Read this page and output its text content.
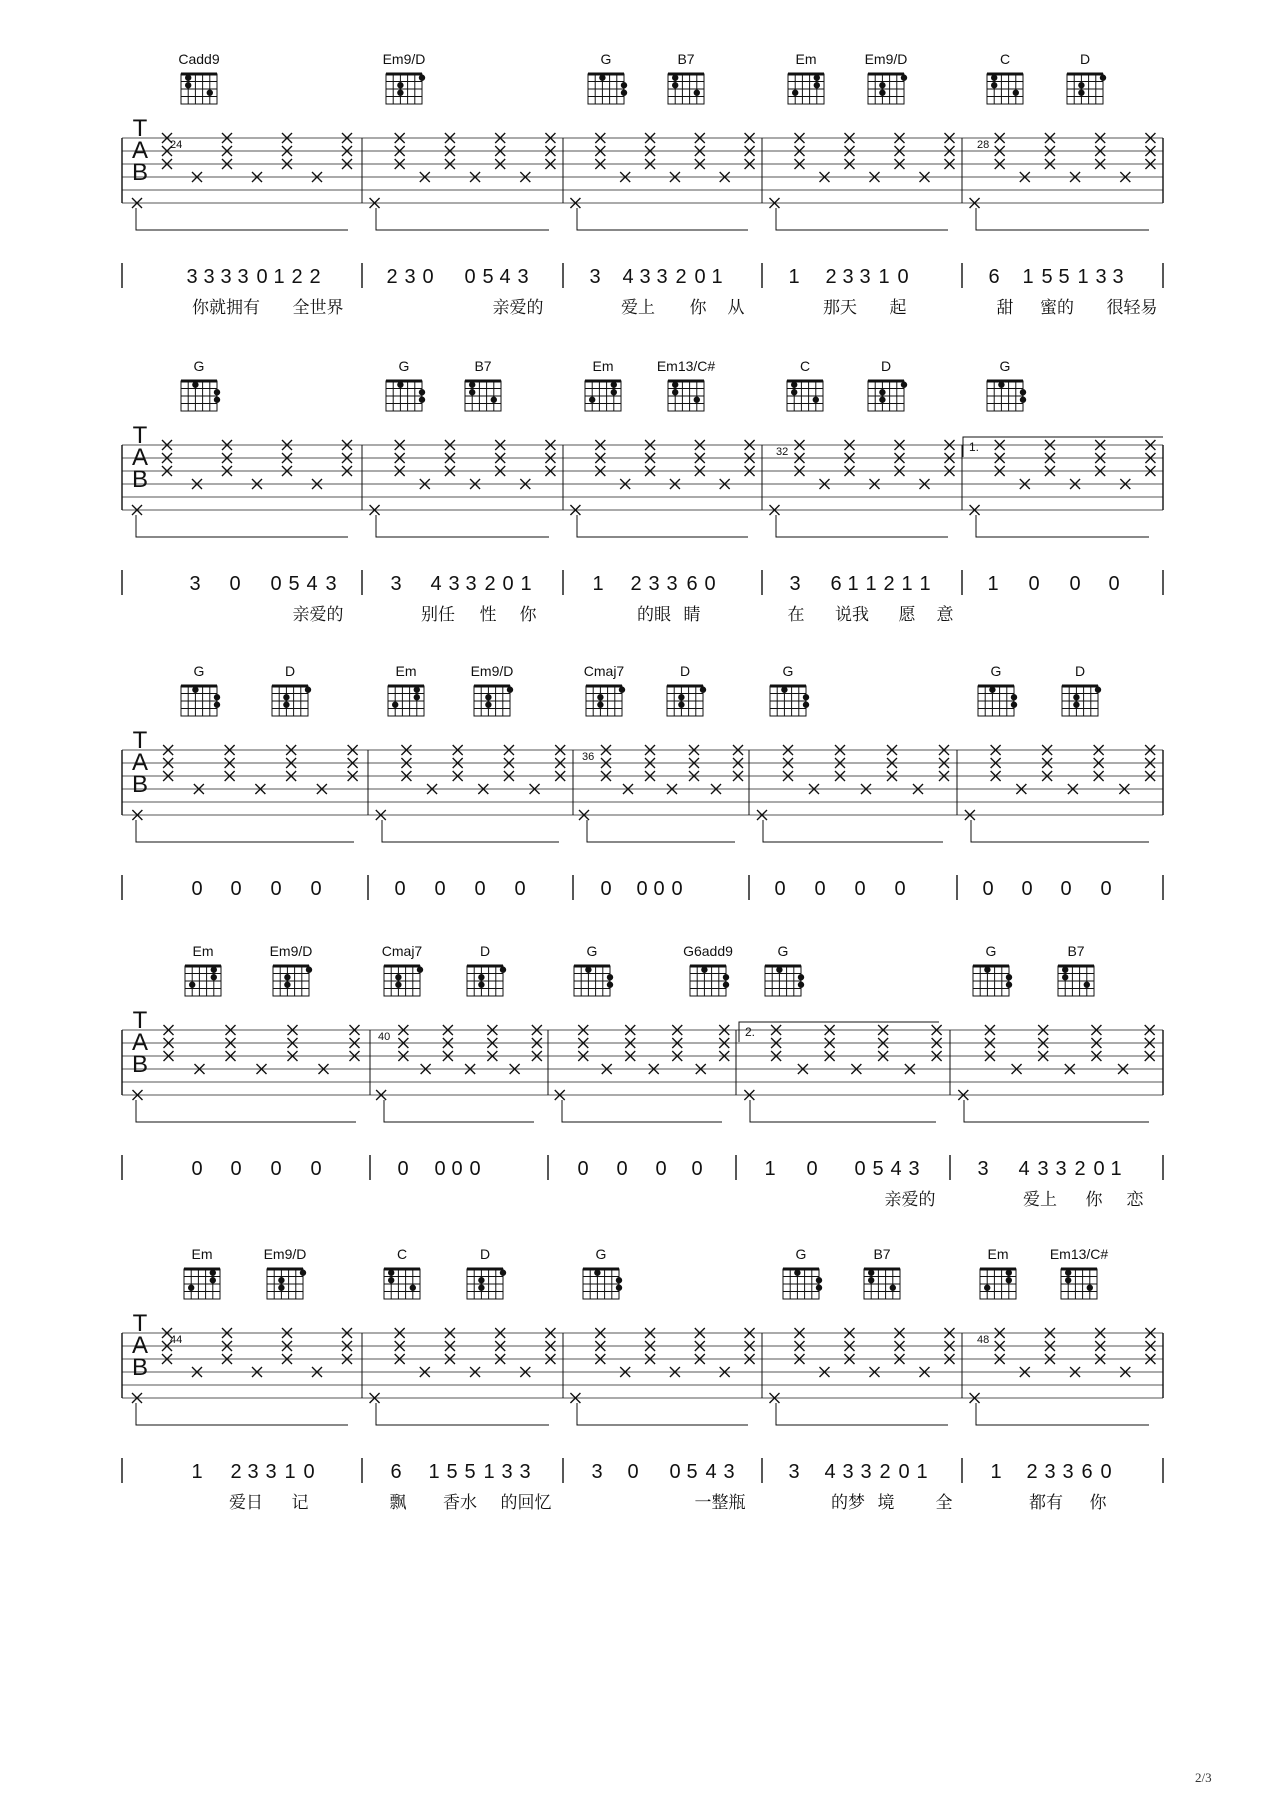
Cadd9	Em9/D	G	B7	Em	Em9/D	C	D
T
A
B
24	28
3 3 3 3 0 1 2 2	2 3 0 0 5 4 3	3 4 3 3 2 0 1	1 2 3 3 1 0	6 1 5 5 1 3 3
你就拥有 全世界	亲爱的	爱上 你 从	那天 起	甜 蜜的 很轻易
G	G	B7	Em	Em13/C#	C	D	G
T
A
B
32	1.
3 0 0 5 4 3	3 4 3 3 2 0 1	1 2 3 3 6 0	3 6 1 1 2 1 1	1 0 0 0
亲爱的	别任 性 你	的眼 睛	在 说我 愿 意
G	D	Em	Em9/D	Cmaj7	D	G	G	D
T
A
B
36
0 0 0 0	0 0 0 0	0 0 0 0	0 0 0 0	0 0 0 0
Em	Em9/D	Cmaj7	D	G	G6add9	G	G	B7
T
A
B
40	2.
0 0 0 0	0 0 0 0	0 0 0 0	1 0 0 5 4 3	3 4 3 3 2 0 1
亲爱的	爱上 你 恋
Em	Em9/D	C	D	G	G	B7	Em	Em13/C#
T
A
B
44	48
1 2 3 3 1 0	6 1 5 5 1 3 3	3 0 0 5 4 3	3 4 3 3 2 0 1	1 2 3 3 6 0
爱日 记	飘 香水 的回忆	一整瓶	的梦 境 全	都有 你
2/3
